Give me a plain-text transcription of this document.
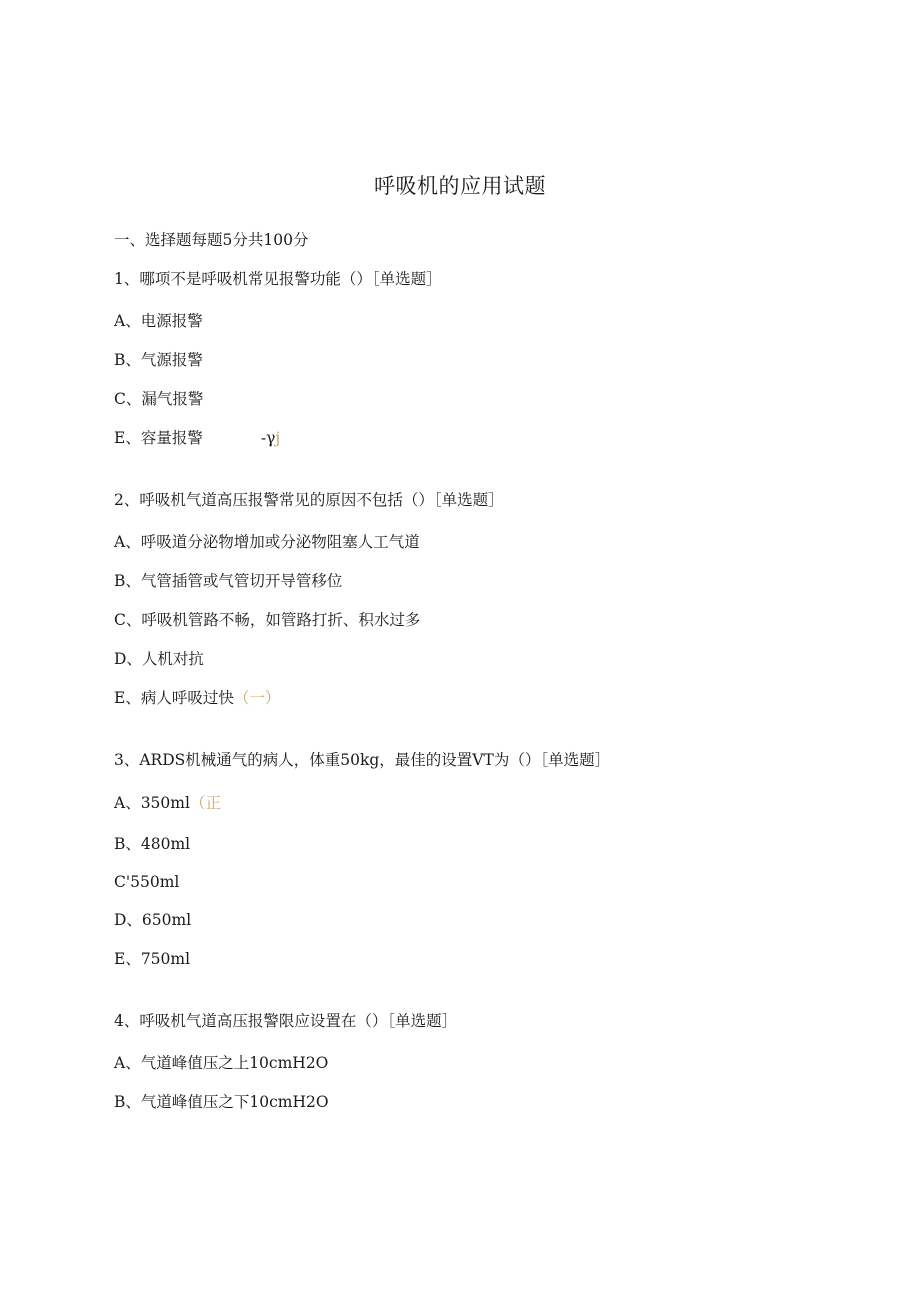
呼吸机的应用试题
一、选择题每题5分共100分
1、哪项不是呼吸机常见报警功能（）［单选题］
A、电源报警
B、气源报警
C、漏气报警
E、容量报警	-γj
2、呼吸机气道高压报警常见的原因不包括（）［单选题］
A、呼吸道分泌物增加或分泌物阻塞人工气道
B、气管插管或气管切开导管移位
C、呼吸机管路不畅，如管路打折、积水过多
D、人机对抗
E、病人呼吸过快（一）
3、ARDS机械通气的病人，体重50kg，最佳的设置VT为（）［单选题］
A、350ml（正
B、480ml
C'550ml
D、650ml
E、750ml
4、呼吸机气道高压报警限应设置在（）［单选题］
A、气道峰值压之上10cmH2O
B、气道峰值压之下10cmH2O
